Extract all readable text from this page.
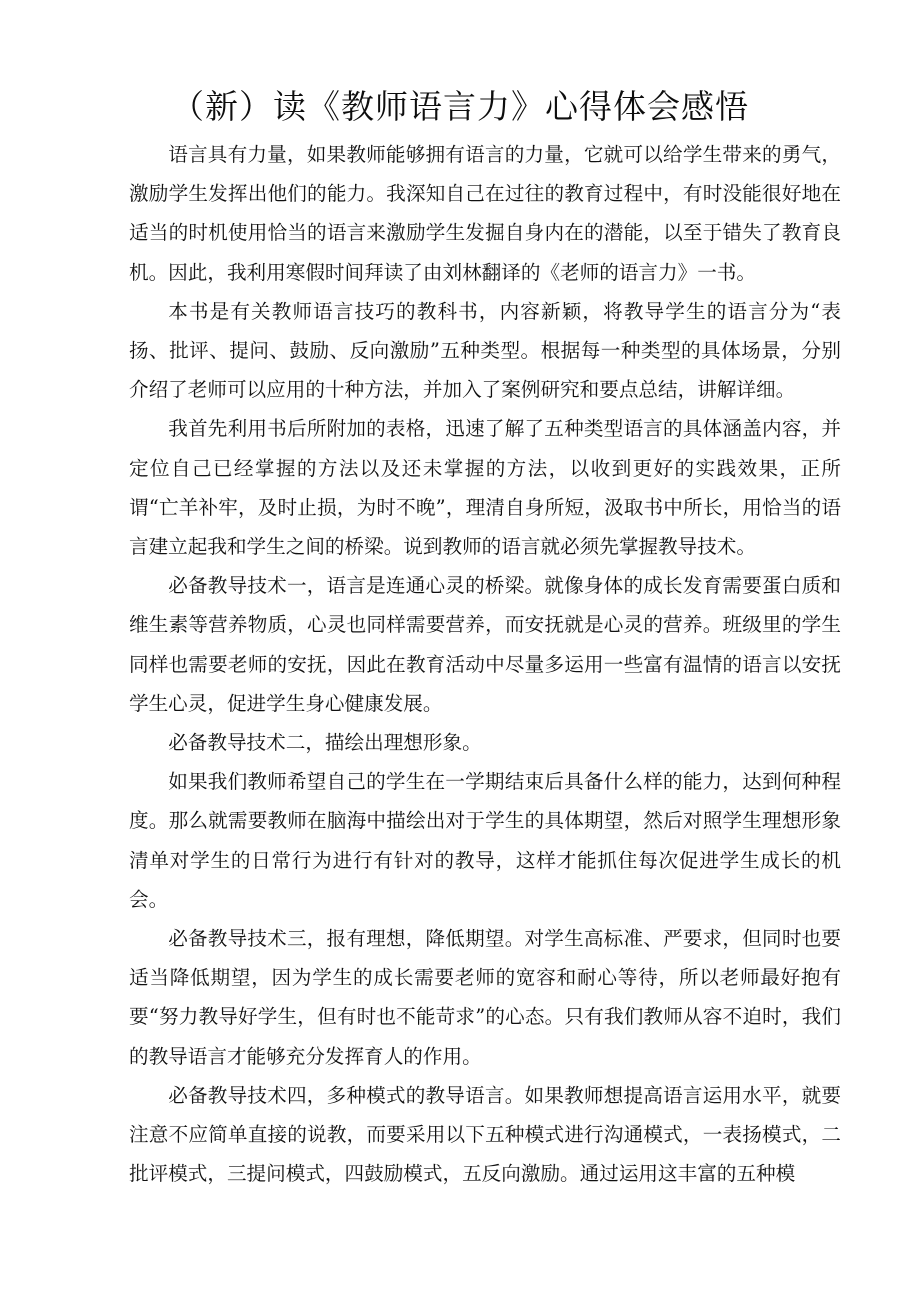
（新）读《教师语言力》心得体会感悟

语言具有力量，如果教师能够拥有语言的力量，它就可以给学生带来的勇气，激励学生发挥出他们的能力。我深知自己在过往的教育过程中，有时没能很好地在适当的时机使用恰当的语言来激励学生发掘自身内在的潜能，以至于错失了教育良机。因此，我利用寒假时间拜读了由刘林翻译的《老师的语言力》一书。

本书是有关教师语言技巧的教科书，内容新颖，将教导学生的语言分为“表扬、批评、提问、鼓励、反向激励”五种类型。根据每一种类型的具体场景，分别介绍了老师可以应用的十种方法，并加入了案例研究和要点总结，讲解详细。

我首先利用书后所附加的表格，迅速了解了五种类型语言的具体涵盖内容，并定位自己已经掌握的方法以及还未掌握的方法，以收到更好的实践效果，正所谓“亡羊补牢，及时止损，为时不晚”，理清自身所短，汲取书中所长，用恰当的语言建立起我和学生之间的桥梁。说到教师的语言就必须先掌握教导技术。

必备教导技术一，语言是连通心灵的桥梁。就像身体的成长发育需要蛋白质和维生素等营养物质，心灵也同样需要营养，而安抚就是心灵的营养。班级里的学生同样也需要老师的安抚，因此在教育活动中尽量多运用一些富有温情的语言以安抚学生心灵，促进学生身心健康发展。

必备教导技术二，描绘出理想形象。

如果我们教师希望自己的学生在一学期结束后具备什么样的能力，达到何种程度。那么就需要教师在脑海中描绘出对于学生的具体期望，然后对照学生理想形象清单对学生的日常行为进行有针对的教导，这样才能抓住每次促进学生成长的机会。

必备教导技术三，报有理想，降低期望。对学生高标准、严要求，但同时也要适当降低期望，因为学生的成长需要老师的宽容和耐心等待，所以老师最好抱有要“努力教导好学生，但有时也不能苛求”的心态。只有我们教师从容不迫时，我们的教导语言才能够充分发挥育人的作用。

必备教导技术四，多种模式的教导语言。如果教师想提高语言运用水平，就要注意不应简单直接的说教，而要采用以下五种模式进行沟通模式，一表扬模式，二批评模式，三提问模式，四鼓励模式，五反向激励。通过运用这丰富的五种模
